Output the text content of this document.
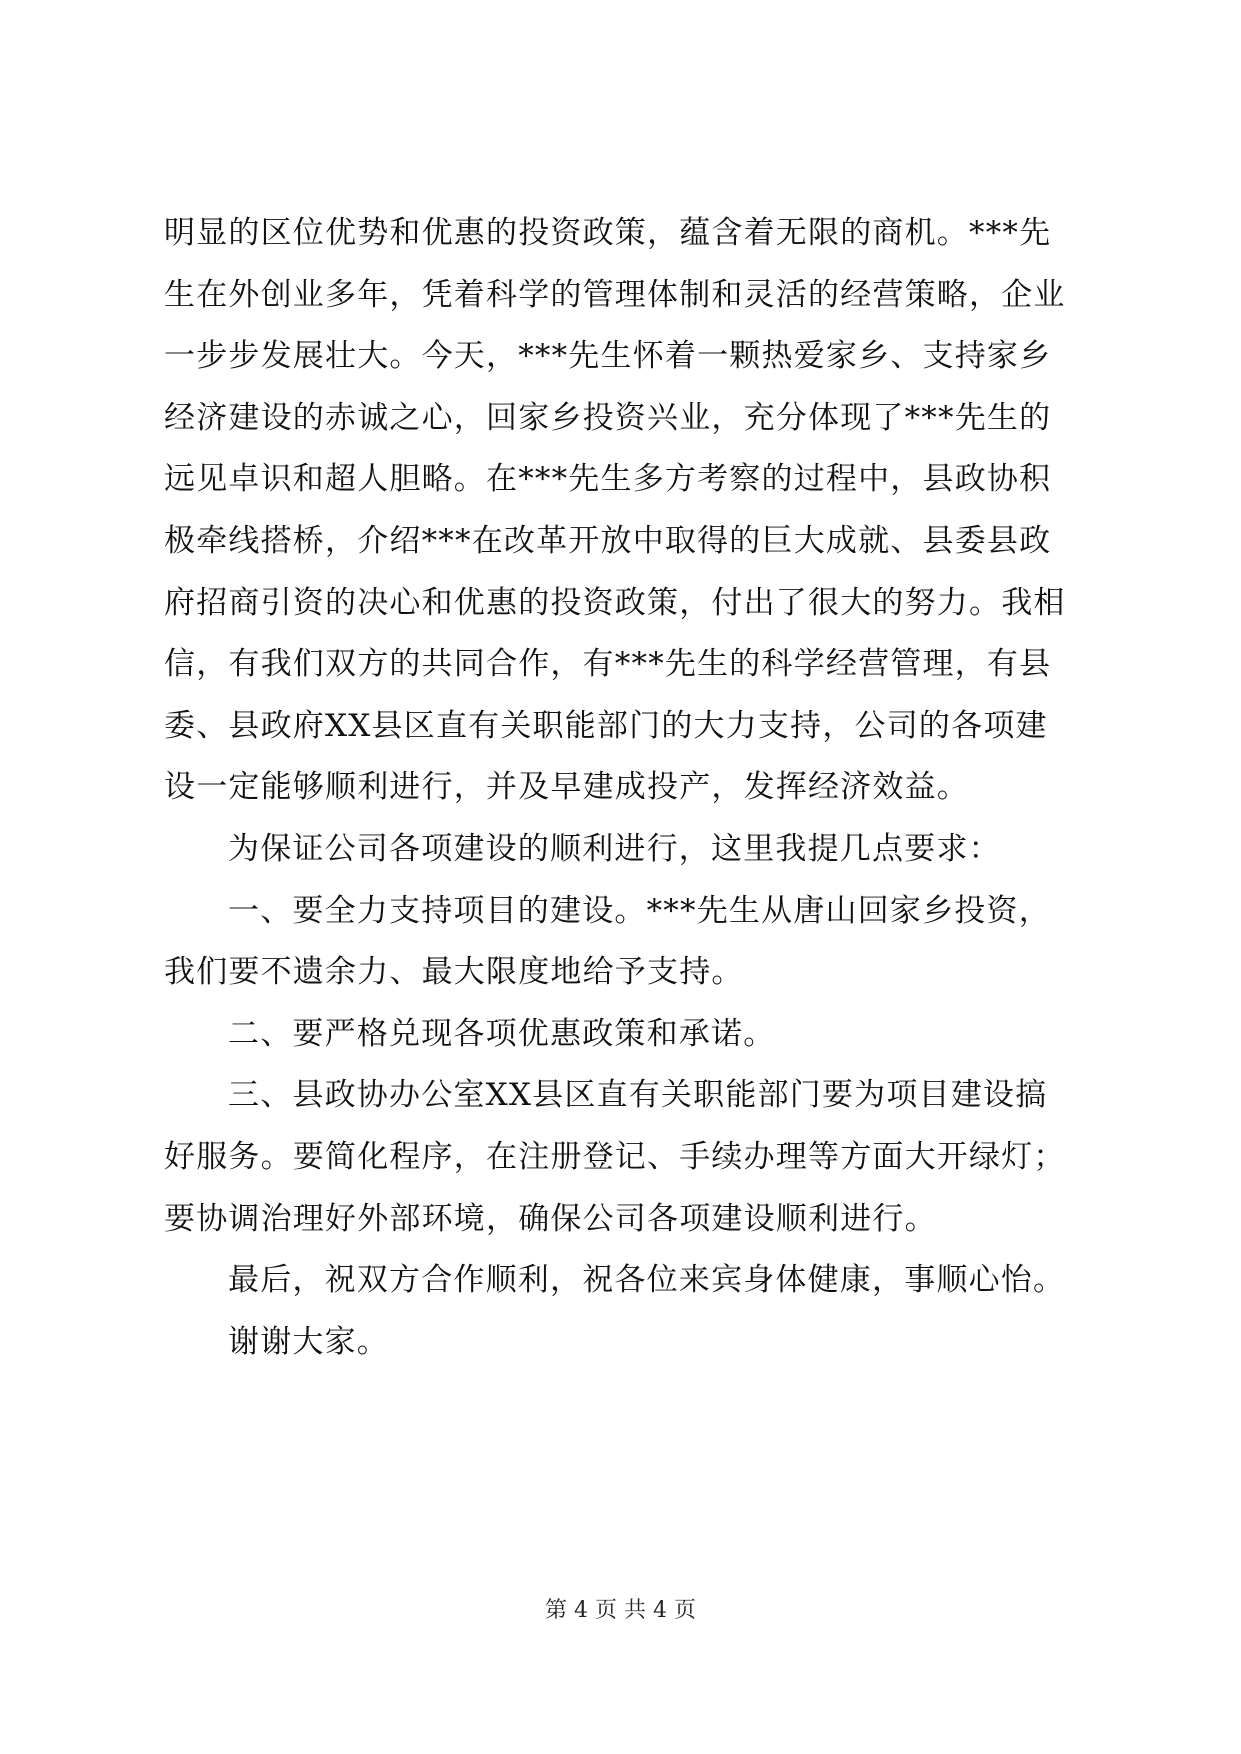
明显的区位优势和优惠的投资政策，蕴含着无限的商机。***先
生在外创业多年，凭着科学的管理体制和灵活的经营策略，企业
一步步发展壮大。今天，***先生怀着一颗热爱家乡、支持家乡
经济建设的赤诚之心，回家乡投资兴业，充分体现了***先生的
远见卓识和超人胆略。在***先生多方考察的过程中，县政协积
极牵线搭桥，介绍***在改革开放中取得的巨大成就、县委县政
府招商引资的决心和优惠的投资政策，付出了很大的努力。我相
信，有我们双方的共同合作，有***先生的科学经营管理，有县
委、县政府XX县区直有关职能部门的大力支持，公司的各项建
设一定能够顺利进行，并及早建成投产，发挥经济效益。
为保证公司各项建设的顺利进行，这里我提几点要求：
一、要全力支持项目的建设。***先生从唐山回家乡投资，
我们要不遗余力、最大限度地给予支持。
二、要严格兑现各项优惠政策和承诺。
三、县政协办公室XX县区直有关职能部门要为项目建设搞
好服务。要简化程序，在注册登记、手续办理等方面大开绿灯；
要协调治理好外部环境，确保公司各项建设顺利进行。
最后，祝双方合作顺利，祝各位来宾身体健康，事顺心怡。
谢谢大家。
第 4 页 共 4 页
